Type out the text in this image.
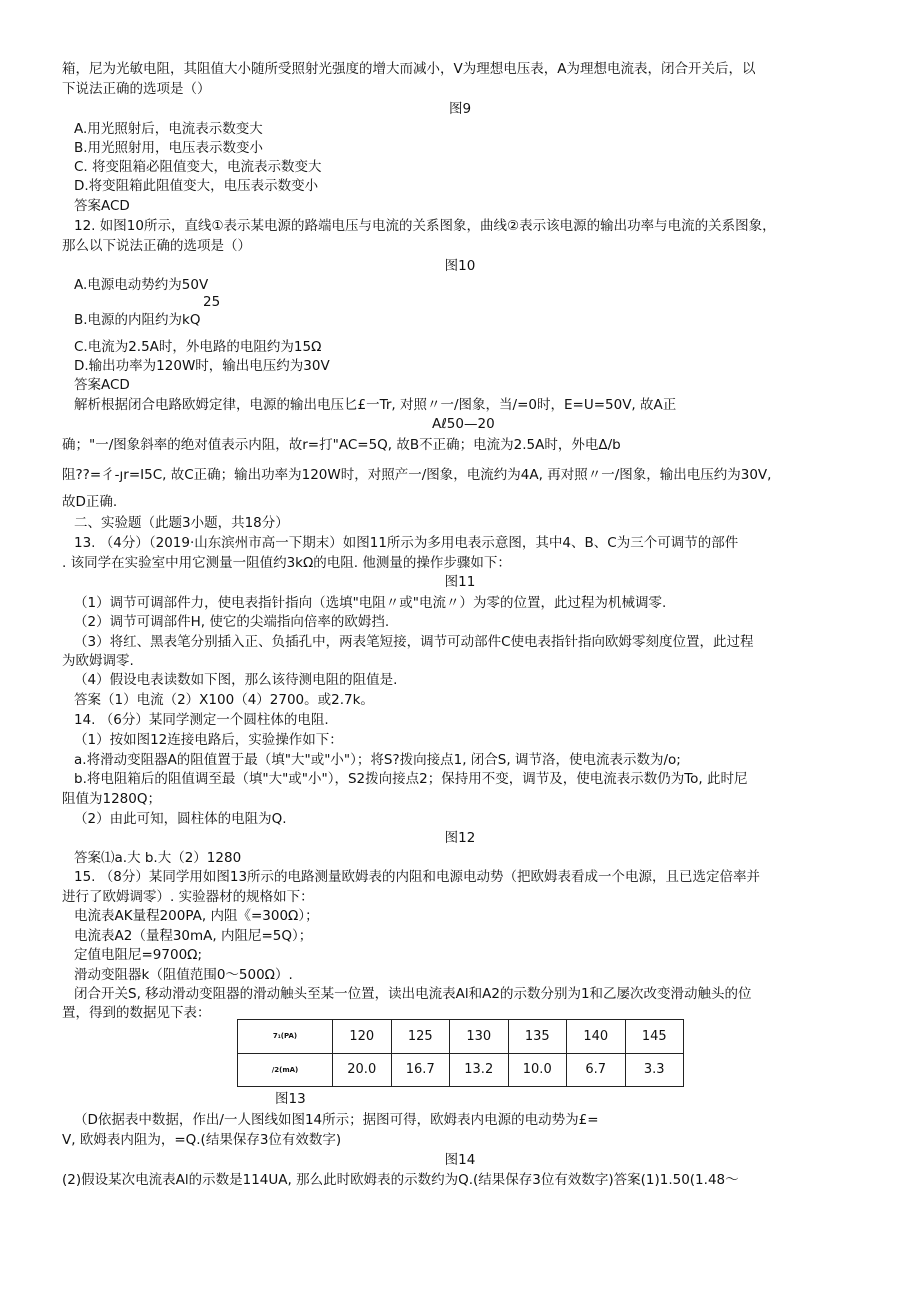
箱，尼为光敏电阻，其阻值大小随所受照射光强度的增大而减小，V为理想电压表，A为理想电流表，闭合开关后，以
下说法正确的选项是（）
图9
A.用光照射后，电流表示数变大
B.用光照射用，电压表示数变小
C. 将变阻箱必阻值变大，电流表示数变大
D.将变阻箱此阻值变大，电压表示数变小
答案ACD
12. 如图10所示，直线①表示某电源的路端电压与电流的关系图象，曲线②表示该电源的输出功率与电流的关系图象，
那么以下说法正确的选项是（）
图10
A.电源电动势约为50V
25
B.电源的内阻约为kQ
C.电流为2.5A时，外电路的电阻约为15Ω
D.输出功率为120W时，输出电压约为30V
答案ACD
解析根据闭合电路欧姆定律，电源的输出电压匕£一Tr, 对照〃一/图象，当/=0时，E=U=50V, 故A正
Aℓ50—20
确；"一/图象斜率的绝对值表示内阻，故r=打"AC=5Q, 故B不正确；电流为2.5A时，外电Δ/b
阻??=彳-ȷr=I5C, 故C正确；输出功率为120W时，对照产一/图象，电流约为4A, 再对照〃一/图象，输出电压约为30V,
故D正确.
二、实验题（此题3小题，共18分）
13. （4分）（2019·山东滨州市高一下期末）如图11所示为多用电表示意图，其中4、B、C为三个可调节的部件
. 该同学在实验室中用它测量一阻值约3kΩ的电阻. 他测量的操作步骤如下：
图11
（1）调节可调部件力，使电表指针指向（选填"电阻〃或"电流〃）为零的位置，此过程为机械调零.
（2）调节可调部件H, 使它的尖端指向倍率的欧姆挡.
（3）将红、黑表笔分别插入正、负插孔中，两表笔短接，调节可动部件C使电表指针指向欧姆零刻度位置，此过程
为欧姆调零.
（4）假设电表读数如下图，那么该待测电阻的阻值是.
答案（1）电流（2）X100（4）2700。或2.7k。
14. （6分）某同学测定一个圆柱体的电阻.
（1）按如图12连接电路后，实验操作如下：
a.将滑动变阻器A的阻值置于最（填"大"或"小"）；将S?拨向接点1, 闭合S, 调节洛，使电流表示数为/o;
b.将电阻箱后的阻值调至最（填"大"或"小"），S2拨向接点2；保持用不变，调节及，使电流表示数仍为To, 此时尼
阻值为1280Q；
（2）由此可知，圆柱体的电阻为Q.
图12
答案⑴a.大 b.大（2）1280
15. （8分）某同学用如图13所示的电路测量欧姆表的内阻和电源电动势（把欧姆表看成一个电源，且已选定倍率并
进行了欧姆调零）. 实验器材的规格如下：
电流表AK量程200PA, 内阻《=300Ω）；
电流表A2（量程30mA, 内阻尼=5Q）；
定值电阻尼=9700Ω;
滑动变阻器k（阻值范围0～500Ω）.
闭合开关S, 移动滑动变阻器的滑动触头至某一位置，读出电流表Al和A2的示数分别为1和乙屡次改变滑动触头的位
置，得到的数据见下表：
7₁(PA)	120	125	130	135	140	145
/2(mA)	20.0	16.7	13.2	10.0	6.7	3.3
图13
（D依据表中数据，作出/一人图线如图14所示；据图可得，欧姆表内电源的电动势为£=
V, 欧姆表内阻为，=Q.(结果保存3位有效数字)
图14
(2)假设某次电流表Al的示数是114UA, 那么此时欧姆表的示数约为Q.(结果保存3位有效数字)答案(1)1.50(1.48～
